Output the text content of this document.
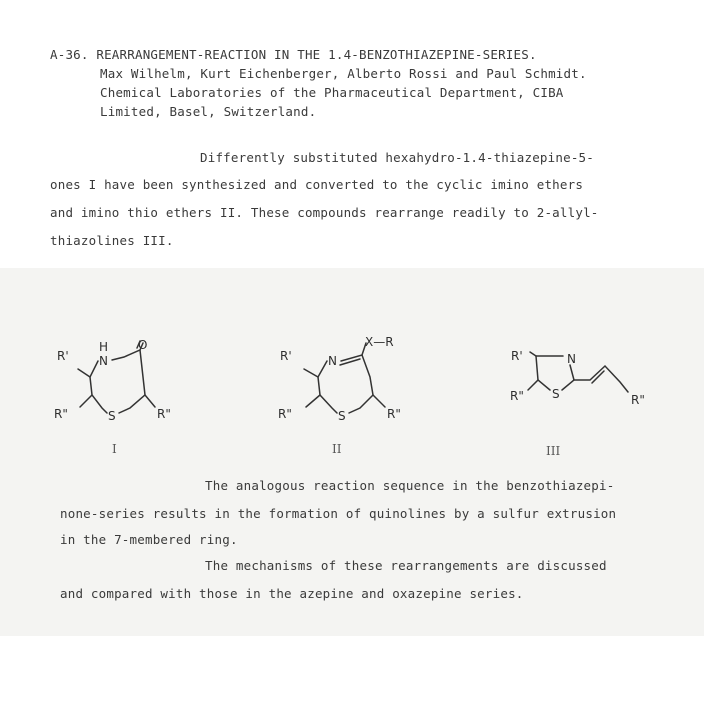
A-36. REARRANGEMENT-REACTION IN THE 1.4-BENZOTHIAZEPINE-SERIES.
Max Wilhelm, Kurt Eichenberger, Alberto Rossi and Paul Schmidt.
Chemical Laboratories of the Pharmaceutical Department, CIBA
Limited, Basel, Switzerland.
Differently substituted hexahydro-1.4-thiazepine-5-
ones I have been synthesized and converted to the cyclic imino ethers
and imino thio ethers II. These compounds rearrange readily to 2-allyl-
thiazolines III.
H
N
O
S
R'
R"	R"
N
X—R
S
R'
R"	R"
N
S
R'
R"	R"
I	II	III
The analogous reaction sequence in the benzothiazepi-
none-series results in the formation of quinolines by a sulfur extrusion
in the 7-membered ring.
The mechanisms of these rearrangements are discussed
and compared with those in the azepine and oxazepine series.
